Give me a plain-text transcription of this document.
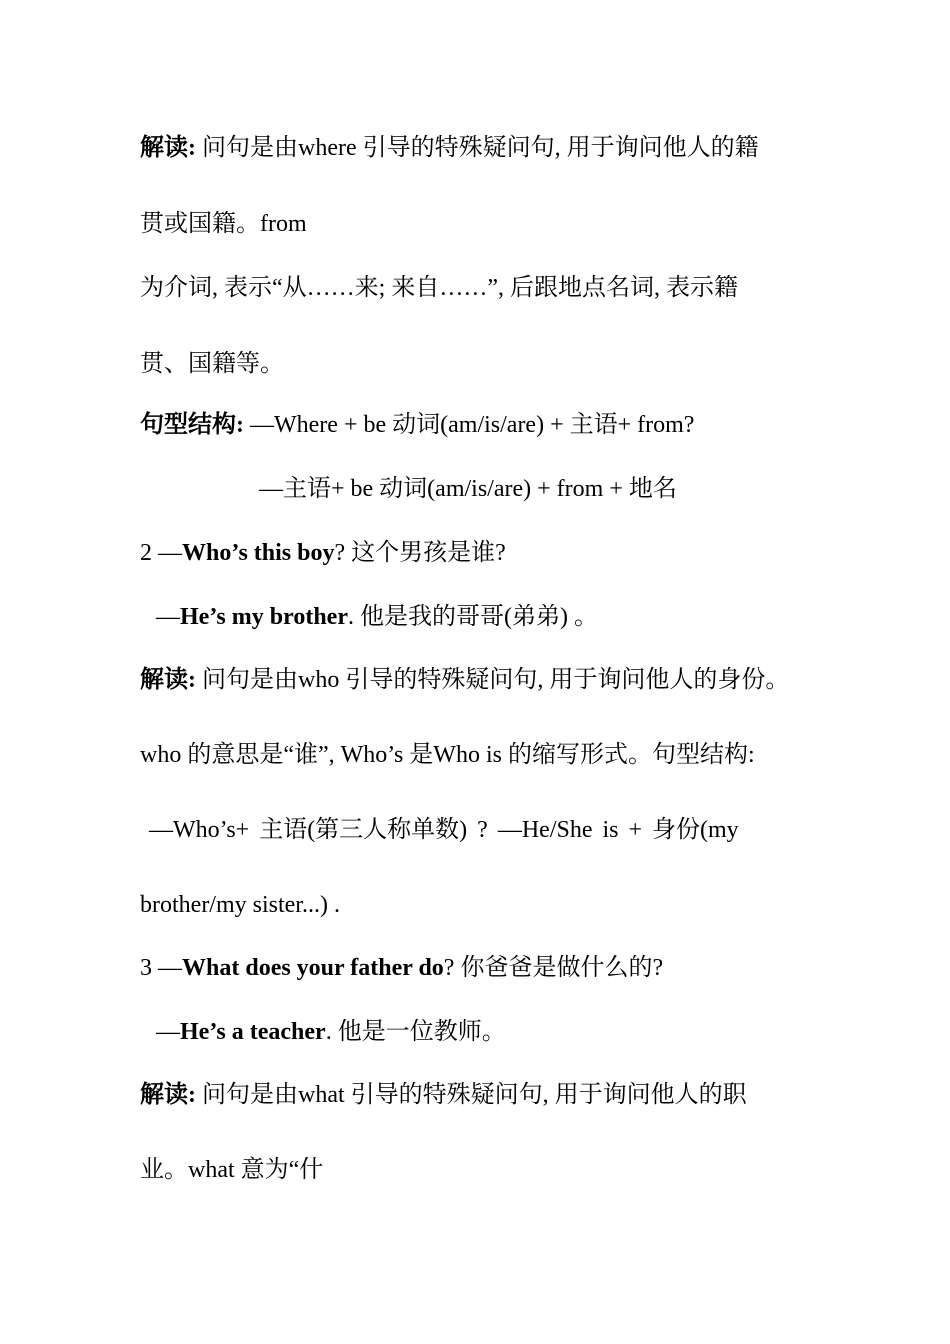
解读: 问句是由where 引导的特殊疑问句, 用于询问他人的籍
贯或国籍。from
为介词, 表示“从……来; 来自……”, 后跟地点名词, 表示籍
贯、国籍等。
句型结构: —Where + be 动词(am/is/are) + 主语+ from?
—主语+ be 动词(am/is/are) + from + 地名
2 —Who’s this boy? 这个男孩是谁?
—He’s my brother. 他是我的哥哥(弟弟) 。
解读: 问句是由who 引导的特殊疑问句, 用于询问他人的身份。
who 的意思是“谁”, Who’s 是Who is 的缩写形式。句型结构:
—Who’s+ 主语(第三人称单数) ? —He/She is + 身份(my
brother/my sister...) .
3 —What does your father do? 你爸爸是做什么的?
—He’s a teacher. 他是一位教师。
解读: 问句是由what 引导的特殊疑问句, 用于询问他人的职
业。what 意为“什
